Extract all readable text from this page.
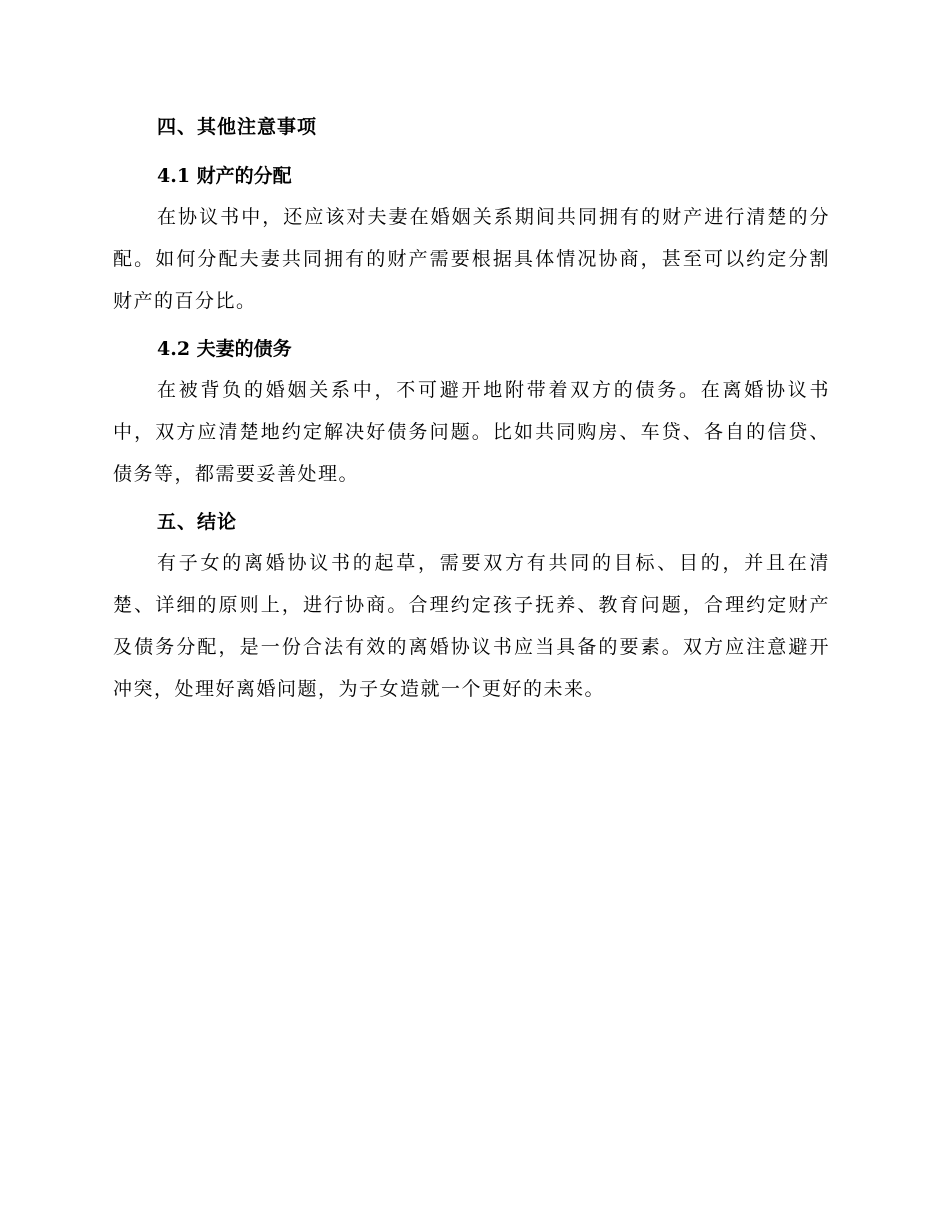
四、其他注意事项
4.1 财产的分配

在协议书中，还应该对夫妻在婚姻关系期间共同拥有的财产进行清楚的分配。如何分配夫妻共同拥有的财产需要根据具体情况协商，甚至可以约定分割财产的百分比。

4.2 夫妻的债务

在被背负的婚姻关系中，不可避开地附带着双方的债务。在离婚协议书中，双方应清楚地约定解决好债务问题。比如共同购房、车贷、各自的信贷、债务等，都需要妥善处理。

五、结论

有子女的离婚协议书的起草，需要双方有共同的目标、目的，并且在清楚、详细的原则上，进行协商。合理约定孩子抚养、教育问题，合理约定财产及债务分配，是一份合法有效的离婚协议书应当具备的要素。双方应注意避开冲突，处理好离婚问题，为子女造就一个更好的未来。
